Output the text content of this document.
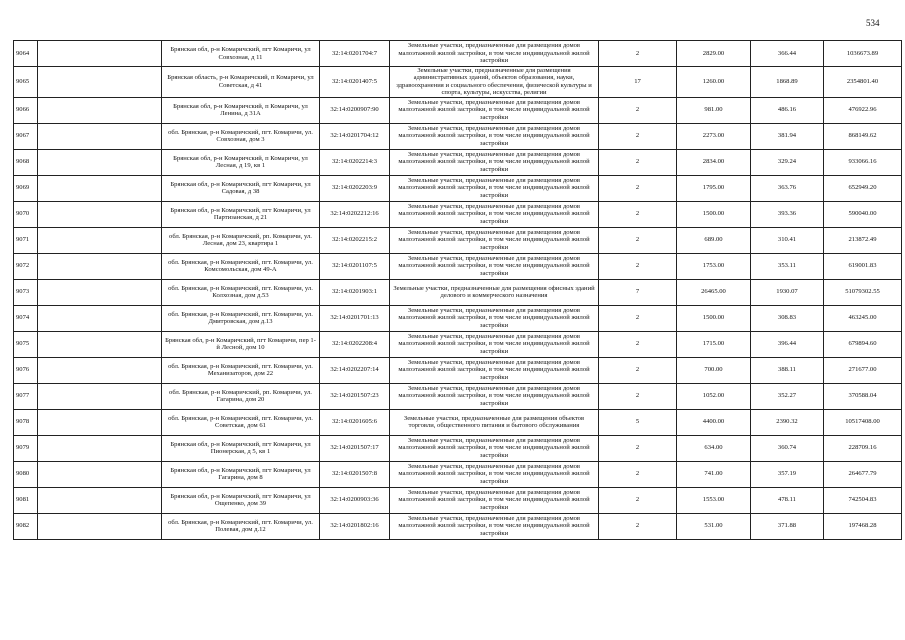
534
9064		Брянская обл, р-н Комаричский, пгт Комаричи, ул Совхозная, д 11	32:14:0201704:7	Земельные участки, предназначенные для размещения домов малоэтажной жилой застройки, в том числе индивидуальной жилой застройки	2	2829.00	366.44	1036673.89
9065		Брянская область, р-н Комаричский, п Комаричи, ул Советская, д 41	32:14:0201407:5	Земельные участки, предназначенные для размещения административных зданий, объектов образования, науки, здравоохранения и социального обеспечения, физической культуры и спорта, культуры, искусства, религии	17	1260.00	1868.89	2354801.40
9066		Брянская обл, р-н Комаричский, п Комаричи, ул Ленина, д 31А	32:14:0200907:90	Земельные участки, предназначенные для размещения домов малоэтажной жилой застройки, в том числе индивидуальной жилой застройки	2	981.00	486.16	476922.96
9067		обл. Брянская, р-н Комаричский, пгт. Комаричи, ул. Совхозная, дом 3	32:14:0201704:12	Земельные участки, предназначенные для размещения домов малоэтажной жилой застройки, в том числе индивидуальной жилой застройки	2	2273.00	381.94	868149.62
9068		Брянская обл, р-н Комаричский, п Комаричи, ул Лесная, д 19, кв 1	32:14:0202214:3	Земельные участки, предназначенные для размещения домов малоэтажной жилой застройки, в том числе индивидуальной жилой застройки	2	2834.00	329.24	933066.16
9069		Брянская обл, р-н Комаричский, пгт Комаричи, ул Садовая, д 38	32:14:0202203:9	Земельные участки, предназначенные для размещения домов малоэтажной жилой застройки, в том числе индивидуальной жилой застройки	2	1795.00	363.76	652949.20
9070		Брянская обл, р-н Комаричский, пгт Комаричи, ул Партизанская, д 21	32:14:0202212:16	Земельные участки, предназначенные для размещения домов малоэтажной жилой застройки, в том числе индивидуальной жилой застройки	2	1500.00	393.36	590040.00
9071		обл. Брянская, р-н Комаричский, рп. Комаричи, ул. Лесная, дом 23, квартира 1	32:14:0202215:2	Земельные участки, предназначенные для размещения домов малоэтажной жилой застройки, в том числе индивидуальной жилой застройки	2	689.00	310.41	213872.49
9072		обл. Брянская, р-н Комаричский, пгт. Комаричи, ул. Комсомольская, дом 49-А	32:14:0201107:5	Земельные участки, предназначенные для размещения домов малоэтажной жилой застройки, в том числе индивидуальной жилой застройки	2	1753.00	353.11	619001.83
9073		обл. Брянская, р-н Комаричский, пгт. Комаричи, ул. Колхозная, дом д.53	32:14:0201903:1	Земельные участки, предназначенные для размещения офисных зданий делового и коммерческого назначения	7	26465.00	1930.07	51079302.55
9074		обл. Брянская, р-н Комаричский, пгт. Комаричи, ул. Дмитровская, дом д.13	32:14:0201701:13	Земельные участки, предназначенные для размещения домов малоэтажной жилой застройки, в том числе индивидуальной жилой застройки	2	1500.00	308.83	463245.00
9075		Брянская обл, р-н Комаричский, пгт Комаричи, пер 1-й Лесной, дом 10	32:14:0202208:4	Земельные участки, предназначенные для размещения домов малоэтажной жилой застройки, в том числе индивидуальной жилой застройки	2	1715.00	396.44	679894.60
9076		обл. Брянская, р-н Комаричский, пгт. Комаричи, ул. Механизаторов, дом 22	32:14:0202207:14	Земельные участки, предназначенные для размещения домов малоэтажной жилой застройки, в том числе индивидуальной жилой застройки	2	700.00	388.11	271677.00
9077		обл. Брянская, р-н Комаричский, рп. Комаричи, ул. Гагарина, дом 20	32:14:0201507:23	Земельные участки, предназначенные для размещения домов малоэтажной жилой застройки, в том числе индивидуальной жилой застройки	2	1052.00	352.27	370588.04
9078		обл. Брянская, р-н Комаричский, пгт. Комаричи, ул. Советская, дом 61	32:14:0201605:6	Земельные участки, предназначенные для размещения объектов торговли, общественного питания и бытового обслуживания	5	4400.00	2390.32	10517408.00
9079		Брянская обл, р-н Комаричский, пгт Комаричи, ул Пионерская, д 5, кв 1	32:14:0201507:17	Земельные участки, предназначенные для размещения домов малоэтажной жилой застройки, в том числе индивидуальной жилой застройки	2	634.00	360.74	228709.16
9080		Брянская обл, р-н Комаричский, пгт Комаричи, ул Гагарина, дом 8	32:14:0201507:8	Земельные участки, предназначенные для размещения домов малоэтажной жилой застройки, в том числе индивидуальной жилой застройки	2	741.00	357.19	264677.79
9081		Брянская обл, р-н Комаричский, пгт Комаричи, ул Ощепенко, дом 39	32:14:0200903:36	Земельные участки, предназначенные для размещения домов малоэтажной жилой застройки, в том числе индивидуальной жилой застройки	2	1553.00	478.11	742504.83
9082		обл. Брянская, р-н Комаричский, пгт. Комаричи, ул. Полевая, дом д.12	32:14:0201802:16	Земельные участки, предназначенные для размещения домов малоэтажной жилой застройки, в том числе индивидуальной жилой застройки	2	531.00	371.88	197468.28
